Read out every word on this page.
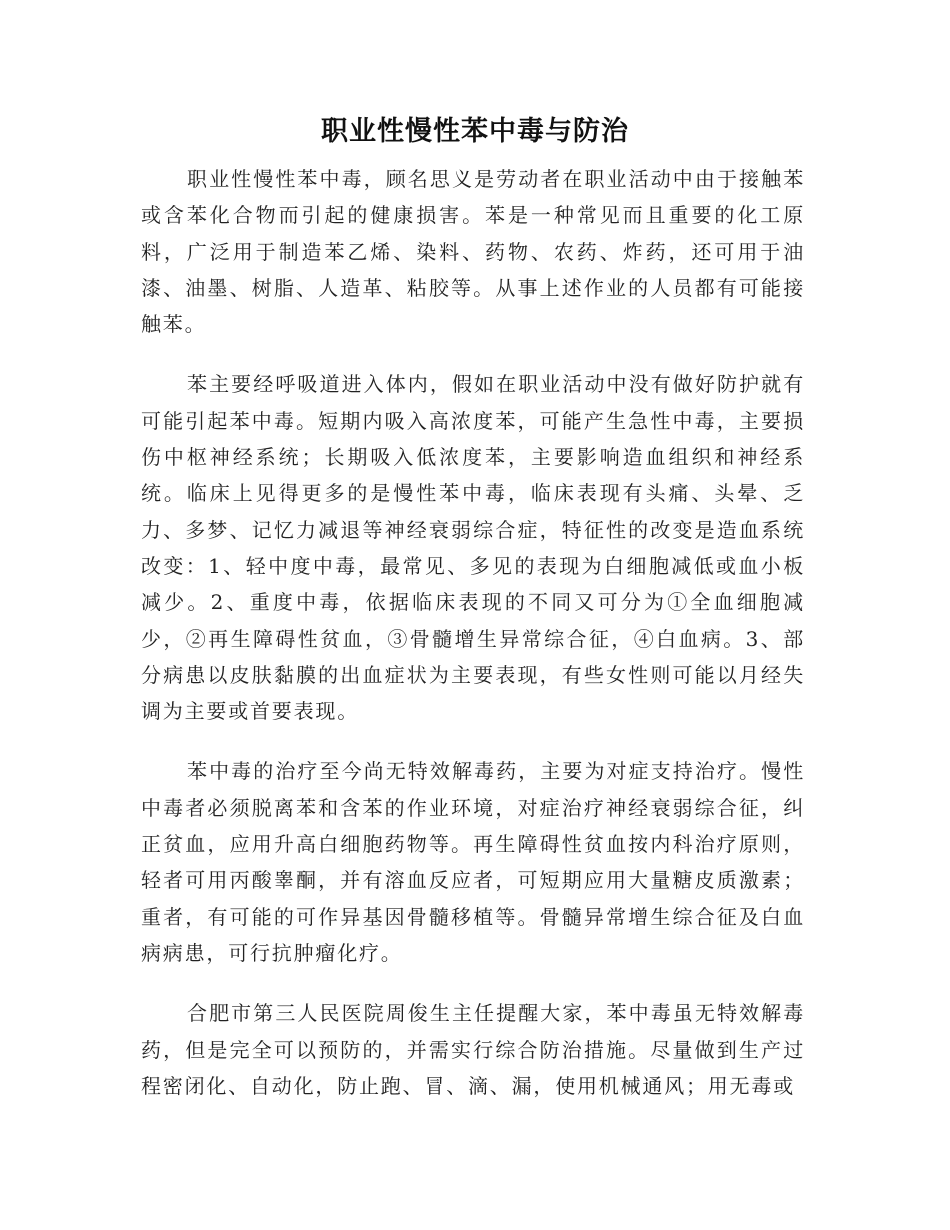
职业性慢性苯中毒与防治

职业性慢性苯中毒，顾名思义是劳动者在职业活动中由于接触苯或含苯化合物而引起的健康损害。苯是一种常见而且重要的化工原料，广泛用于制造苯乙烯、染料、药物、农药、炸药，还可用于油漆、油墨、树脂、人造革、粘胶等。从事上述作业的人员都有可能接触苯。

苯主要经呼吸道进入体内，假如在职业活动中没有做好防护就有可能引起苯中毒。短期内吸入高浓度苯，可能产生急性中毒，主要损伤中枢神经系统；长期吸入低浓度苯，主要影响造血组织和神经系统。临床上见得更多的是慢性苯中毒，临床表现有头痛、头晕、乏力、多梦、记忆力减退等神经衰弱综合症，特征性的改变是造血系统改变：1、轻中度中毒，最常见、多见的表现为白细胞减低或血小板减少。2、重度中毒，依据临床表现的不同又可分为①全血细胞减少，②再生障碍性贫血，③骨髓增生异常综合征，④白血病。3、部分病患以皮肤黏膜的出血症状为主要表现，有些女性则可能以月经失调为主要或首要表现。

苯中毒的治疗至今尚无特效解毒药，主要为对症支持治疗。慢性中毒者必须脱离苯和含苯的作业环境，对症治疗神经衰弱综合征，纠正贫血，应用升高白细胞药物等。再生障碍性贫血按内科治疗原则，轻者可用丙酸睾酮，并有溶血反应者，可短期应用大量糖皮质激素；重者，有可能的可作异基因骨髓移植等。骨髓异常增生综合征及白血病病患，可行抗肿瘤化疗。

合肥市第三人民医院周俊生主任提醒大家，苯中毒虽无特效解毒药，但是完全可以预防的，并需实行综合防治措施。尽量做到生产过程密闭化、自动化，防止跑、冒、滴、漏，使用机械通风；用无毒或
